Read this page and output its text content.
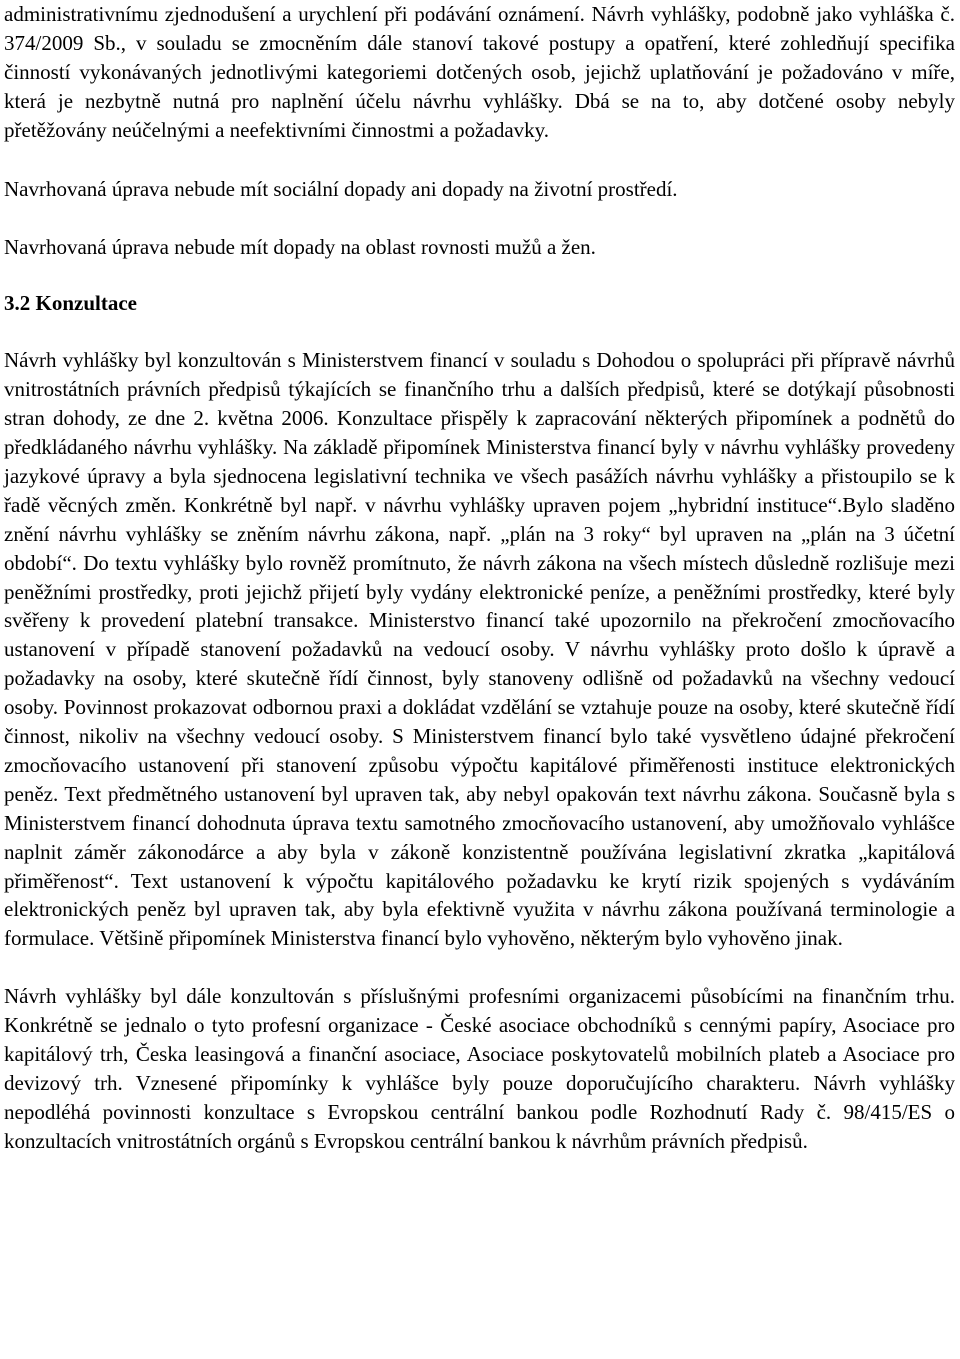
administrativnímu zjednodušení a urychlení při podávání oznámení. Návrh vyhlášky, podobně jako vyhláška č. 374/2009 Sb., v souladu se zmocněním dále stanoví takové postupy a opatření, které zohledňují specifika činností vykonávaných jednotlivými kategoriemi dotčených osob, jejichž uplatňování je požadováno v míře, která je nezbytně nutná pro naplnění účelu návrhu vyhlášky. Dbá se na to, aby dotčené osoby nebyly přetěžovány neúčelnými a neefektivními činnostmi a požadavky.

Navrhovaná úprava nebude mít sociální dopady ani dopady na životní prostředí.

Navrhovaná úprava nebude mít dopady na oblast rovnosti mužů a žen.

3.2 Konzultace

Návrh vyhlášky byl konzultován s Ministerstvem financí v souladu s Dohodou o spolupráci při přípravě návrhů vnitrostátních právních předpisů týkajících se finančního trhu a dalších předpisů, které se dotýkají působnosti stran dohody, ze dne 2. května 2006. Konzultace přispěly k zapracování některých připomínek a podnětů do předkládaného návrhu vyhlášky. Na základě připomínek Ministerstva financí byly v návrhu vyhlášky provedeny jazykové úpravy a byla sjednocena legislativní technika ve všech pasážích návrhu vyhlášky a přistoupilo se k řadě věcných změn. Konkrétně byl např. v návrhu vyhlášky upraven pojem „hybridní instituce“.Bylo sladěno znění návrhu vyhlášky se zněním návrhu zákona, např. „plán na 3 roky“ byl upraven na „plán na 3 účetní období“. Do textu vyhlášky bylo rovněž promítnuto, že návrh zákona na všech místech důsledně rozlišuje mezi peněžními prostředky, proti jejichž přijetí byly vydány elektronické peníze, a peněžními prostředky, které byly svěřeny k provedení platební transakce. Ministerstvo financí také upozornilo na překročení zmocňovacího ustanovení v případě stanovení požadavků na vedoucí osoby. V návrhu vyhlášky proto došlo k úpravě a požadavky na osoby, které skutečně řídí činnost, byly stanoveny odlišně od požadavků na všechny vedoucí osoby. Povinnost prokazovat odbornou praxi a dokládat vzdělání se vztahuje pouze na osoby, které skutečně řídí činnost, nikoliv na všechny vedoucí osoby. S Ministerstvem financí bylo také vysvětleno údajné překročení zmocňovacího ustanovení při stanovení způsobu výpočtu kapitálové přiměřenosti instituce elektronických peněz. Text předmětného ustanovení byl upraven tak, aby nebyl opakován text návrhu zákona. Současně byla s Ministerstvem financí dohodnuta úprava textu samotného zmocňovacího ustanovení, aby umožňovalo vyhlášce naplnit záměr zákonodárce a aby byla v zákoně konzistentně používána legislativní zkratka „kapitálová přiměřenost“. Text ustanovení k výpočtu kapitálového požadavku ke krytí rizik spojených s vydáváním elektronických peněz byl upraven tak, aby byla efektivně využita v návrhu zákona používaná terminologie a formulace. Většině připomínek Ministerstva financí bylo vyhověno, některým bylo vyhověno jinak.

Návrh vyhlášky byl dále konzultován s příslušnými profesními organizacemi působícími na finančním trhu. Konkrétně se jednalo o tyto profesní organizace - České asociace obchodníků s cennými papíry, Asociace pro kapitálový trh, Česka leasingová a finanční asociace, Asociace poskytovatelů mobilních plateb a Asociace pro devizový trh. Vznesené připomínky k vyhlášce byly pouze doporučujícího charakteru. Návrh vyhlášky nepodléhá povinnosti konzultace s Evropskou centrální bankou podle Rozhodnutí Rady č. 98/415/ES o konzultacích vnitrostátních orgánů s Evropskou centrální bankou k návrhům právních předpisů.
